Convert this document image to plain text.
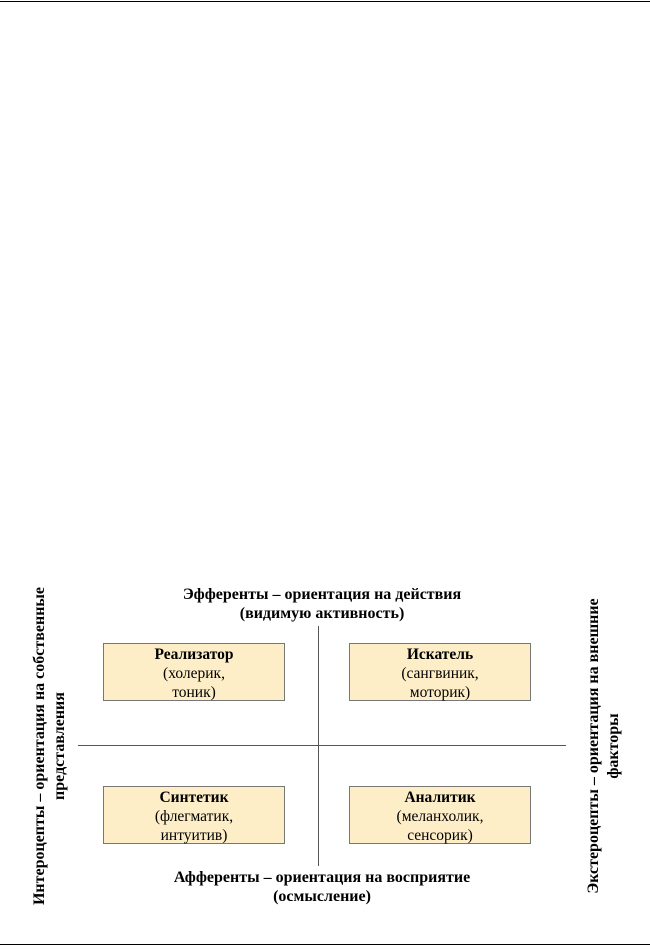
Эфференты – ориентация на действия
(видимую активность)
Интероцепты – ориентация на собственные представления	Экстероцепты – ориентация на внешние факторы
Реализатор
(холерик,
тоник)
Искатель
(сангвиник,
моторик)
Синтетик
(флегматик,
интуитив)
Аналитик
(меланхолик,
сенсорик)
Афференты – ориентация на восприятие
(осмысление)
